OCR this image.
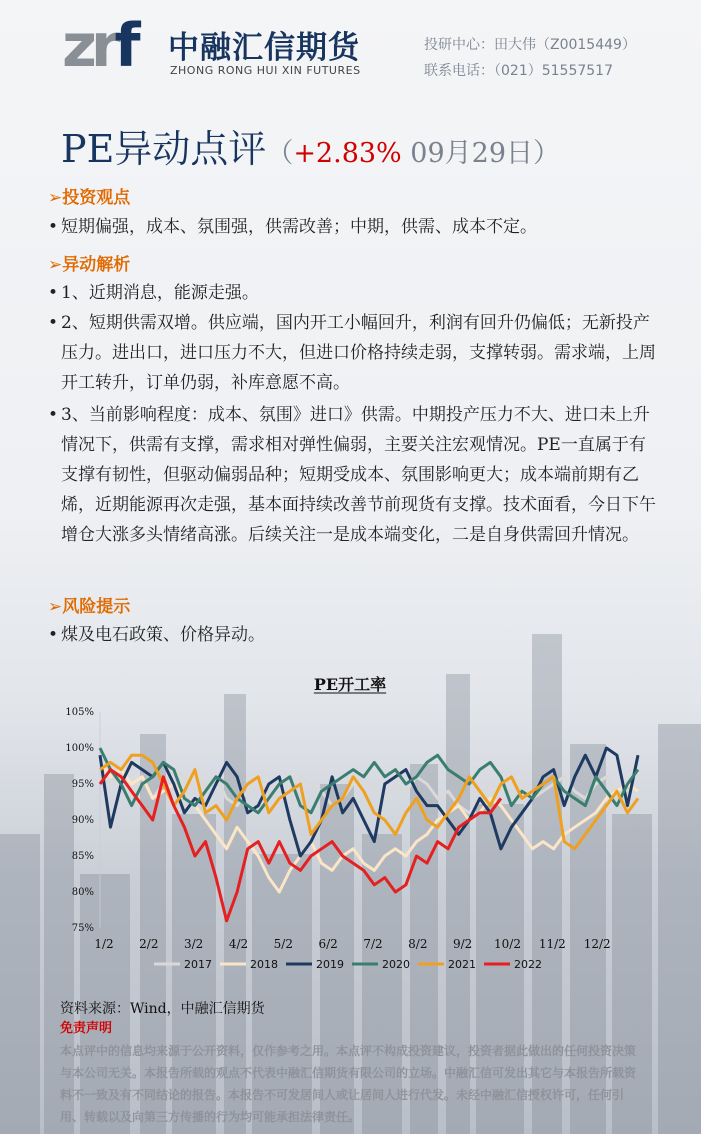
zrf 中融汇信期货
ZHONG RONG HUI XIN FUTURES
投研中心：田大伟（Z0015449）
联系电话：（021）51557517
PE异动点评（+2.83% 09月29日）
➢投资观点
• 短期偏强，成本、氛围强，供需改善；中期，供需、成本不定。
➢异动解析
• 1、近期消息，能源走强。
• 2、短期供需双增。供应端，国内开工小幅回升，利润有回升仍偏低；无新投产压力。进出口，进口压力不大，但进口价格持续走弱，支撑转弱。需求端，上周开工转升，订单仍弱，补库意愿不高。
• 3、当前影响程度：成本、氛围》进口》供需。中期投产压力不大、进口未上升情况下，供需有支撑，需求相对弹性偏弱，主要关注宏观情况。PE一直属于有支撑有韧性，但驱动偏弱品种；短期受成本、氛围影响更大；成本端前期有乙烯，近期能源再次走强，基本面持续改善节前现货有支撑。技术面看，今日下午增仓大涨多头情绪高涨。后续关注一是成本端变化，二是自身供需回升情况。
➢风险提示
• 煤及电石政策、价格异动。
PE开工率
75%
80%
85%
90%
95%
100%
105%
1/2 2/2 3/2 4/2 5/2 6/2 7/2 8/2 9/2 10/2 11/2 12/2
2017	2018	2019	2020	2021	2022
资料来源：Wind，中融汇信期货
免责声明
本点评中的信息均来源于公开资料，仅作参考之用。本点评不构成投资建议，投资者据此做出的任何投资决策与本公司无关。本报告所载的观点不代表中融汇信期货有限公司的立场。中融汇信可发出其它与本报告所载资料不一致及有不同结论的报告。本报告不可发居间人或让居间人进行代发。未经中融汇信授权许可，任何引用、转载以及向第三方传播的行为均可能承担法律责任。
